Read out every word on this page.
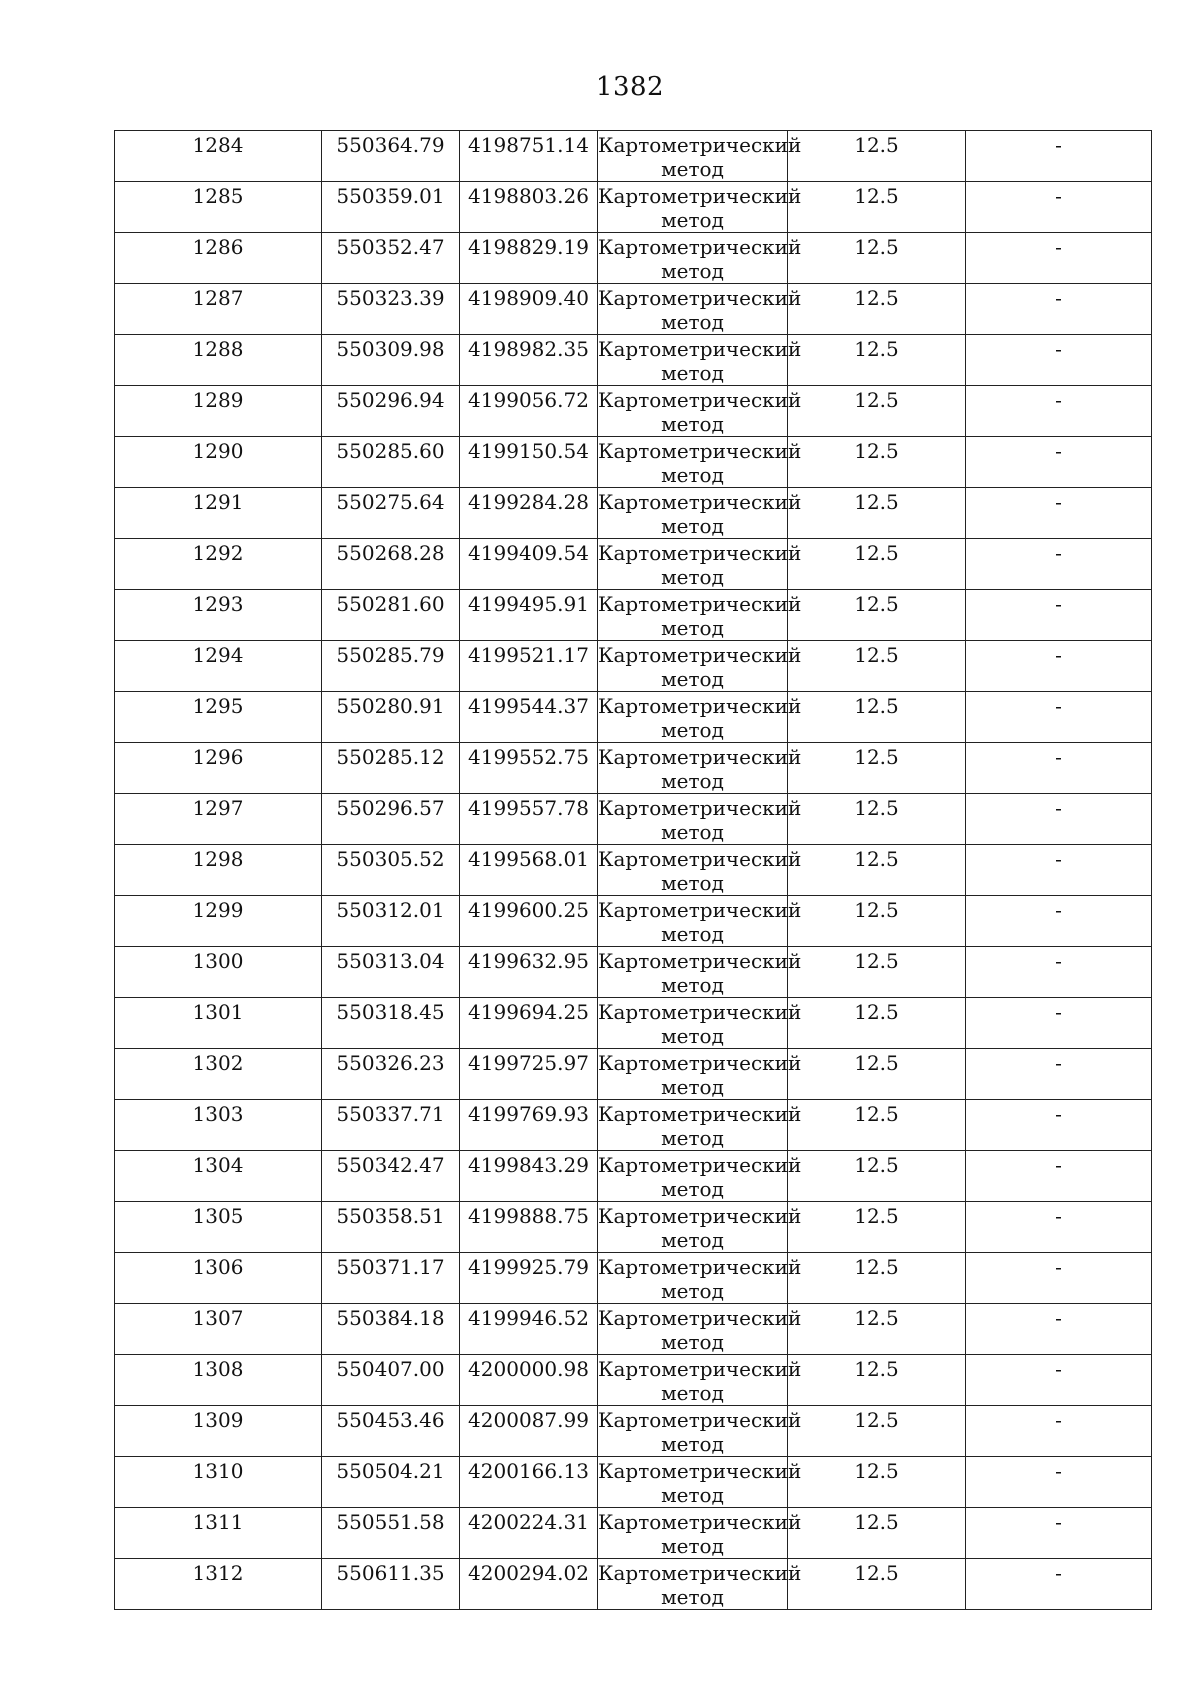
1382
1284	550364.79	4198751.14	Картометрический
метод	12.5	-
1285	550359.01	4198803.26	Картометрический
метод	12.5	-
1286	550352.47	4198829.19	Картометрический
метод	12.5	-
1287	550323.39	4198909.40	Картометрический
метод	12.5	-
1288	550309.98	4198982.35	Картометрический
метод	12.5	-
1289	550296.94	4199056.72	Картометрический
метод	12.5	-
1290	550285.60	4199150.54	Картометрический
метод	12.5	-
1291	550275.64	4199284.28	Картометрический
метод	12.5	-
1292	550268.28	4199409.54	Картометрический
метод	12.5	-
1293	550281.60	4199495.91	Картометрический
метод	12.5	-
1294	550285.79	4199521.17	Картометрический
метод	12.5	-
1295	550280.91	4199544.37	Картометрический
метод	12.5	-
1296	550285.12	4199552.75	Картометрический
метод	12.5	-
1297	550296.57	4199557.78	Картометрический
метод	12.5	-
1298	550305.52	4199568.01	Картометрический
метод	12.5	-
1299	550312.01	4199600.25	Картометрический
метод	12.5	-
1300	550313.04	4199632.95	Картометрический
метод	12.5	-
1301	550318.45	4199694.25	Картометрический
метод	12.5	-
1302	550326.23	4199725.97	Картометрический
метод	12.5	-
1303	550337.71	4199769.93	Картометрический
метод	12.5	-
1304	550342.47	4199843.29	Картометрический
метод	12.5	-
1305	550358.51	4199888.75	Картометрический
метод	12.5	-
1306	550371.17	4199925.79	Картометрический
метод	12.5	-
1307	550384.18	4199946.52	Картометрический
метод	12.5	-
1308	550407.00	4200000.98	Картометрический
метод	12.5	-
1309	550453.46	4200087.99	Картометрический
метод	12.5	-
1310	550504.21	4200166.13	Картометрический
метод	12.5	-
1311	550551.58	4200224.31	Картометрический
метод	12.5	-
1312	550611.35	4200294.02	Картометрический
метод	12.5	-
